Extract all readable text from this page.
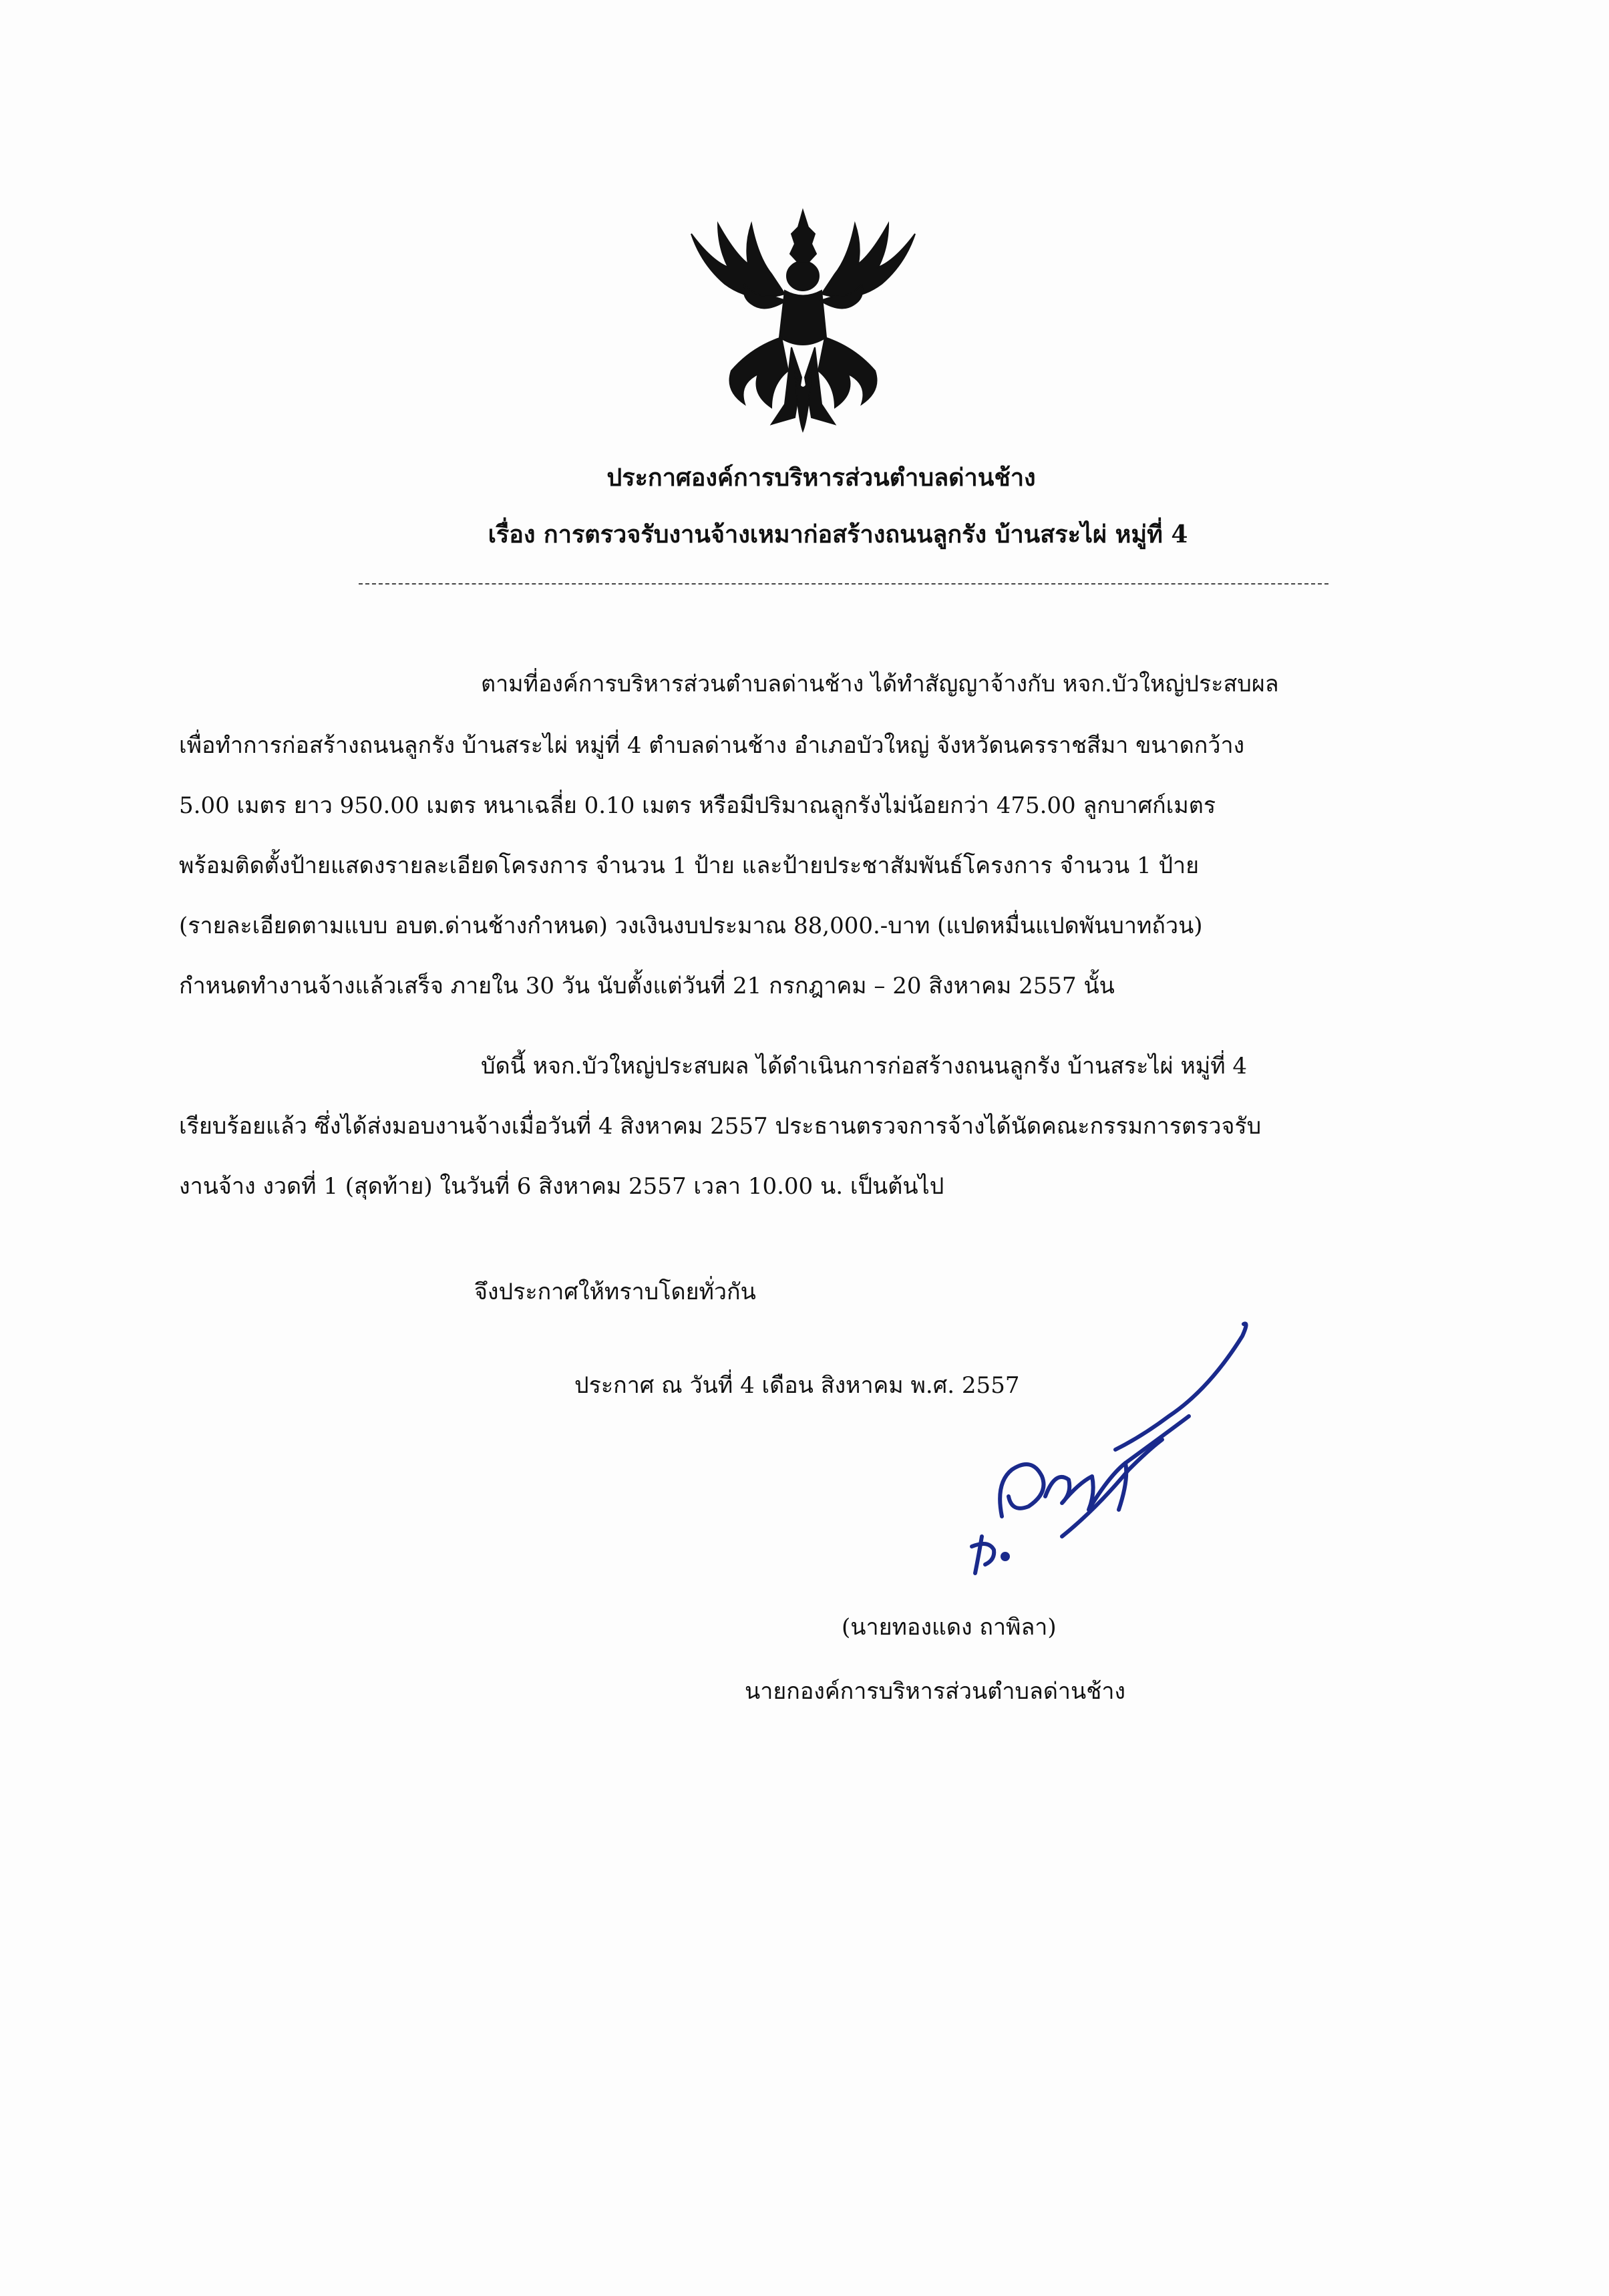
ประกาศองค์การบริหารส่วนตำบลด่านช้าง
เรื่อง การตรวจรับงานจ้างเหมาก่อสร้างถนนลูกรัง บ้านสระไผ่ หมู่ที่ 4
ตามที่องค์การบริหารส่วนตำบลด่านช้าง ได้ทำสัญญาจ้างกับ หจก.บัวใหญ่ประสบผล
เพื่อทำการก่อสร้างถนนลูกรัง บ้านสระไผ่ หมู่ที่ 4 ตำบลด่านช้าง อำเภอบัวใหญ่ จังหวัดนครราชสีมา ขนาดกว้าง
5.00 เมตร ยาว 950.00 เมตร หนาเฉลี่ย 0.10 เมตร หรือมีปริมาณลูกรังไม่น้อยกว่า 475.00 ลูกบาศก์เมตร
พร้อมติดตั้งป้ายแสดงรายละเอียดโครงการ จำนวน 1 ป้าย และป้ายประชาสัมพันธ์โครงการ จำนวน 1 ป้าย
(รายละเอียดตามแบบ อบต.ด่านช้างกำหนด) วงเงินงบประมาณ 88,000.-บาท (แปดหมื่นแปดพันบาทถ้วน)
กำหนดทำงานจ้างแล้วเสร็จ ภายใน 30 วัน นับตั้งแต่วันที่ 21 กรกฎาคม – 20 สิงหาคม 2557 นั้น
บัดนี้ หจก.บัวใหญ่ประสบผล ได้ดำเนินการก่อสร้างถนนลูกรัง บ้านสระไผ่ หมู่ที่ 4
เรียบร้อยแล้ว ซึ่งได้ส่งมอบงานจ้างเมื่อวันที่ 4 สิงหาคม 2557 ประธานตรวจการจ้างได้นัดคณะกรรมการตรวจรับ
งานจ้าง งวดที่ 1 (สุดท้าย) ในวันที่ 6 สิงหาคม 2557 เวลา 10.00 น. เป็นต้นไป
จึงประกาศให้ทราบโดยทั่วกัน
ประกาศ ณ วันที่ 4 เดือน สิงหาคม พ.ศ. 2557
(นายทองแดง ถาพิลา)
นายกองค์การบริหารส่วนตำบลด่านช้าง
